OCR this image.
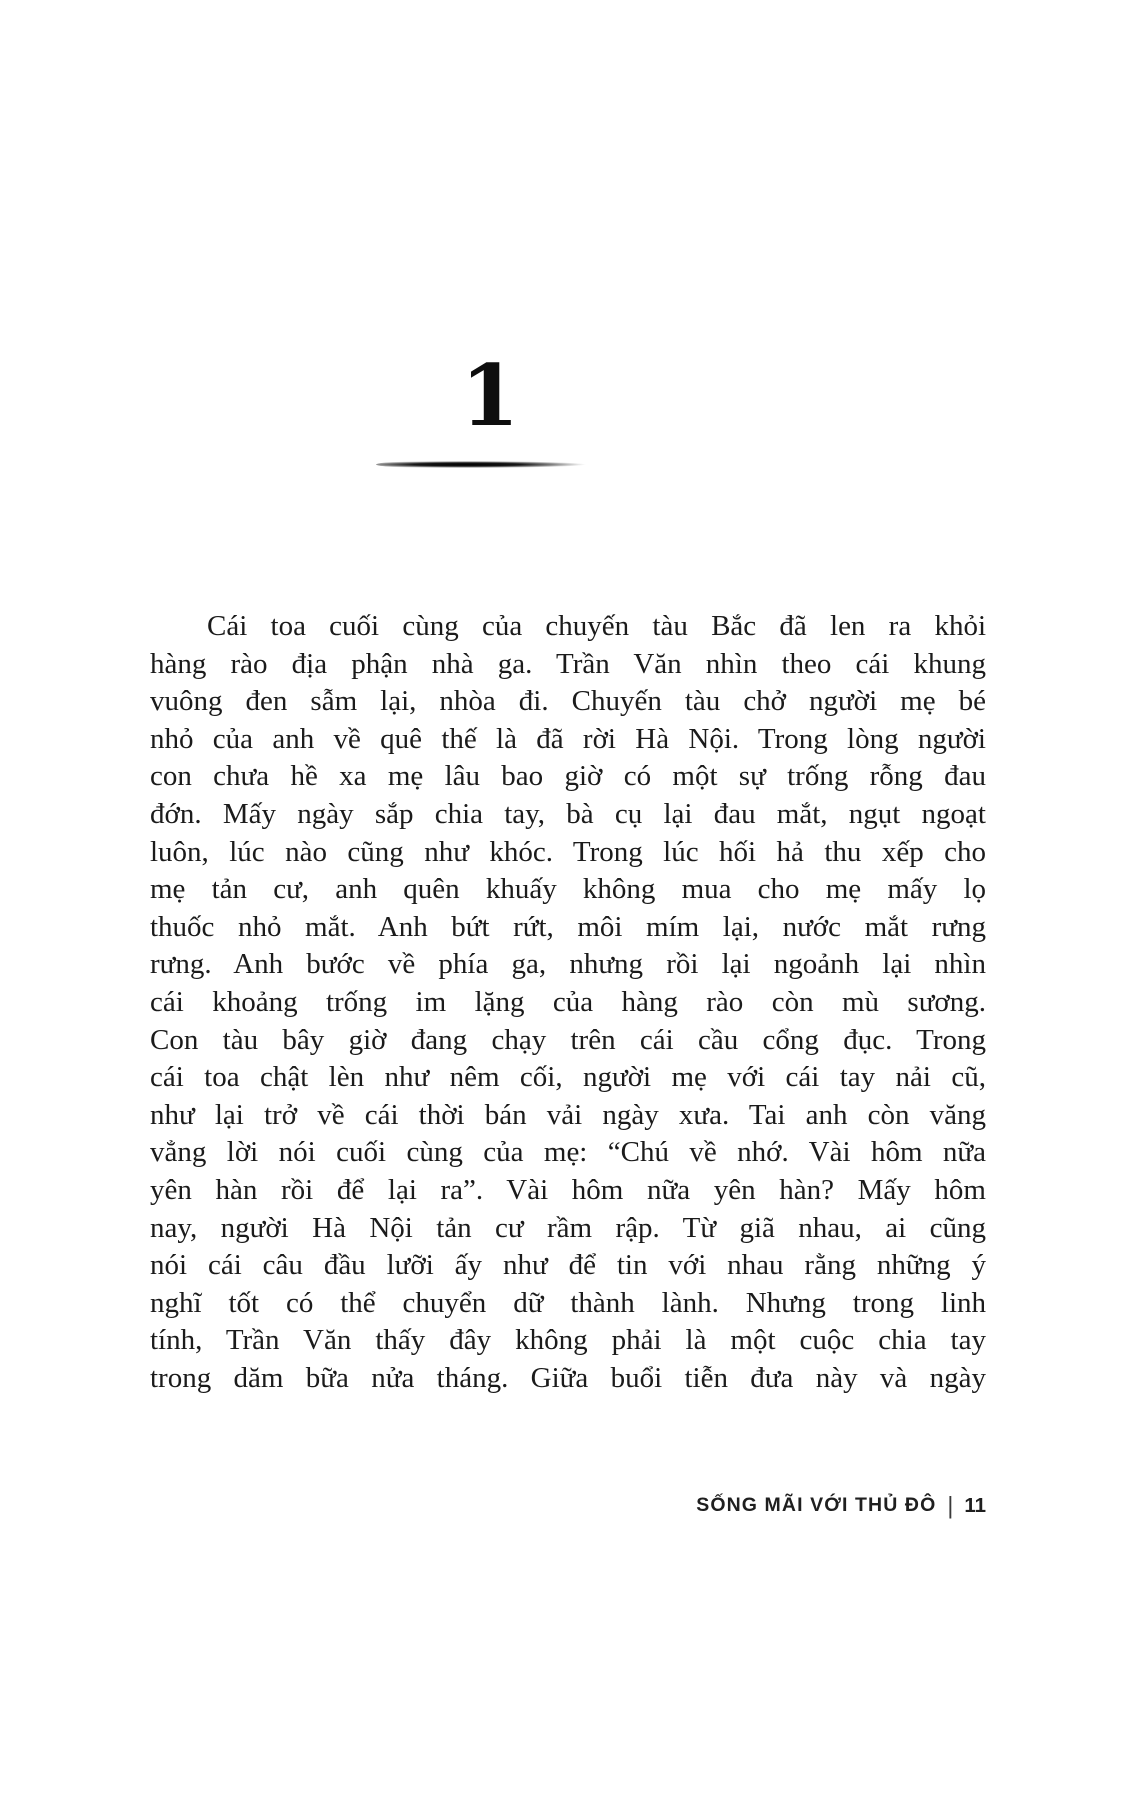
1
Cái toa cuối cùng của chuyến tàu Bắc đã len ra khỏi
hàng rào địa phận nhà ga. Trần Văn nhìn theo cái khung
vuông đen sẫm lại, nhòa đi. Chuyến tàu chở người mẹ bé
nhỏ của anh về quê thế là đã rời Hà Nội. Trong lòng người
con chưa hề xa mẹ lâu bao giờ có một sự trống rỗng đau
đớn. Mấy ngày sắp chia tay, bà cụ lại đau mắt, ngụt ngoạt
luôn, lúc nào cũng như khóc. Trong lúc hối hả thu xếp cho
mẹ tản cư, anh quên khuấy không mua cho mẹ mấy lọ
thuốc nhỏ mắt. Anh bứt rứt, môi mím lại, nước mắt rưng
rưng. Anh bước về phía ga, nhưng rồi lại ngoảnh lại nhìn
cái khoảng trống im lặng của hàng rào còn mù sương.
Con tàu bây giờ đang chạy trên cái cầu cổng đục. Trong
cái toa chật lèn như nêm cối, người mẹ với cái tay nải cũ,
như lại trở về cái thời bán vải ngày xưa. Tai anh còn văng
vẳng lời nói cuối cùng của mẹ: “Chú về nhớ. Vài hôm nữa
yên hàn rồi để lại ra”. Vài hôm nữa yên hàn? Mấy hôm
nay, người Hà Nội tản cư rầm rập. Từ giã nhau, ai cũng
nói cái câu đầu lưỡi ấy như để tin với nhau rằng những ý
nghĩ tốt có thể chuyển dữ thành lành. Nhưng trong linh
tính, Trần Văn thấy đây không phải là một cuộc chia tay
trong dăm bữa nửa tháng. Giữa buổi tiễn đưa này và ngày
SỐNG MÃI VỚI THỦ ĐÔ | 11
